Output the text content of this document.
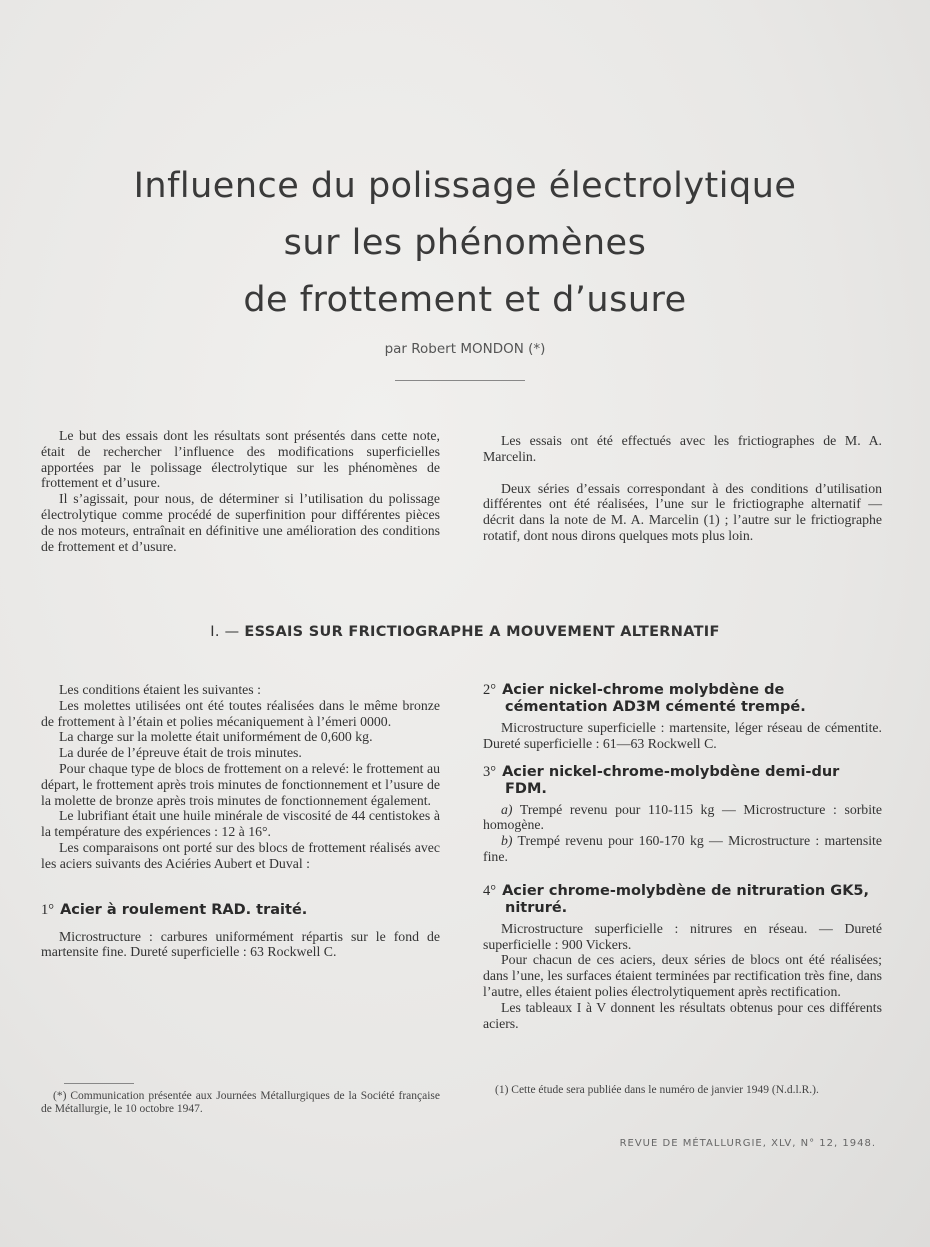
Influence du polissage électrolytique
sur les phénomènes
de frottement et d’usure
par Robert MONDON (*)

Le but des essais dont les résultats sont présentés dans cette note, était de rechercher l’influence des modifications superficielles apportées par le polissage électrolytique sur les phénomènes de frottement et d’usure.

Il s’agissait, pour nous, de déterminer si l’utilisation du polissage électrolytique comme procédé de superfinition pour différentes pièces de nos moteurs, entraînait en définitive une amélioration des conditions de frottement et d’usure.

Les essais ont été effectués avec les frictiographes de M. A. Marcelin.

Deux séries d’essais correspondant à des conditions d’utilisation différentes ont été réalisées, l’une sur le frictiographe alternatif — décrit dans la note de M. A. Marcelin (1) ; l’autre sur le frictiographe rotatif, dont nous dirons quelques mots plus loin.

I. — ESSAIS SUR FRICTIOGRAPHE A MOUVEMENT ALTERNATIF

Les conditions étaient les suivantes :

Les molettes utilisées ont été toutes réalisées dans le même bronze de frottement à l’étain et polies mécaniquement à l’émeri 0000.

La charge sur la molette était uniformément de 0,600 kg.

La durée de l’épreuve était de trois minutes.

Pour chaque type de blocs de frottement on a relevé: le frottement au départ, le frottement après trois minutes de fonctionnement et l’usure de la molette de bronze après trois minutes de fonctionnement également.

Le lubrifiant était une huile minérale de viscosité de 44 centistokes à la température des expériences : 12 à 16°.

Les comparaisons ont porté sur des blocs de frottement réalisés avec les aciers suivants des Aciéries Aubert et Duval :

1° Acier à roulement RAD. traité.

Microstructure : carbures uniformément répartis sur le fond de martensite fine. Dureté superficielle : 63 Rockwell C.

2° Acier nickel-chrome molybdène de cémentation AD3M cémenté trempé.

Microstructure superficielle : martensite, léger réseau de cémentite. Dureté superficielle : 61—63 Rockwell C.

3° Acier nickel-chrome-molybdène demi-dur FDM.

a) Trempé revenu pour 110-115 kg — Microstructure : sorbite homogène.

b) Trempé revenu pour 160-170 kg — Microstructure : martensite fine.

4° Acier chrome-molybdène de nitruration GK5, nitruré.

Microstructure superficielle : nitrures en réseau. — Dureté superficielle : 900 Vickers.

Pour chacun de ces aciers, deux séries de blocs ont été réalisées; dans l’une, les surfaces étaient terminées par rectification très fine, dans l’autre, elles étaient polies électrolytiquement après rectification.

Les tableaux I à V donnent les résultats obtenus pour ces différents aciers.

(*) Communication présentée aux Journées Métallurgiques de la Société française de Métallurgie, le 10 octobre 1947.

(1) Cette étude sera publiée dans le numéro de janvier 1949 (N.d.l.R.).

REVUE DE MÉTALLURGIE, XLV, N° 12, 1948.
